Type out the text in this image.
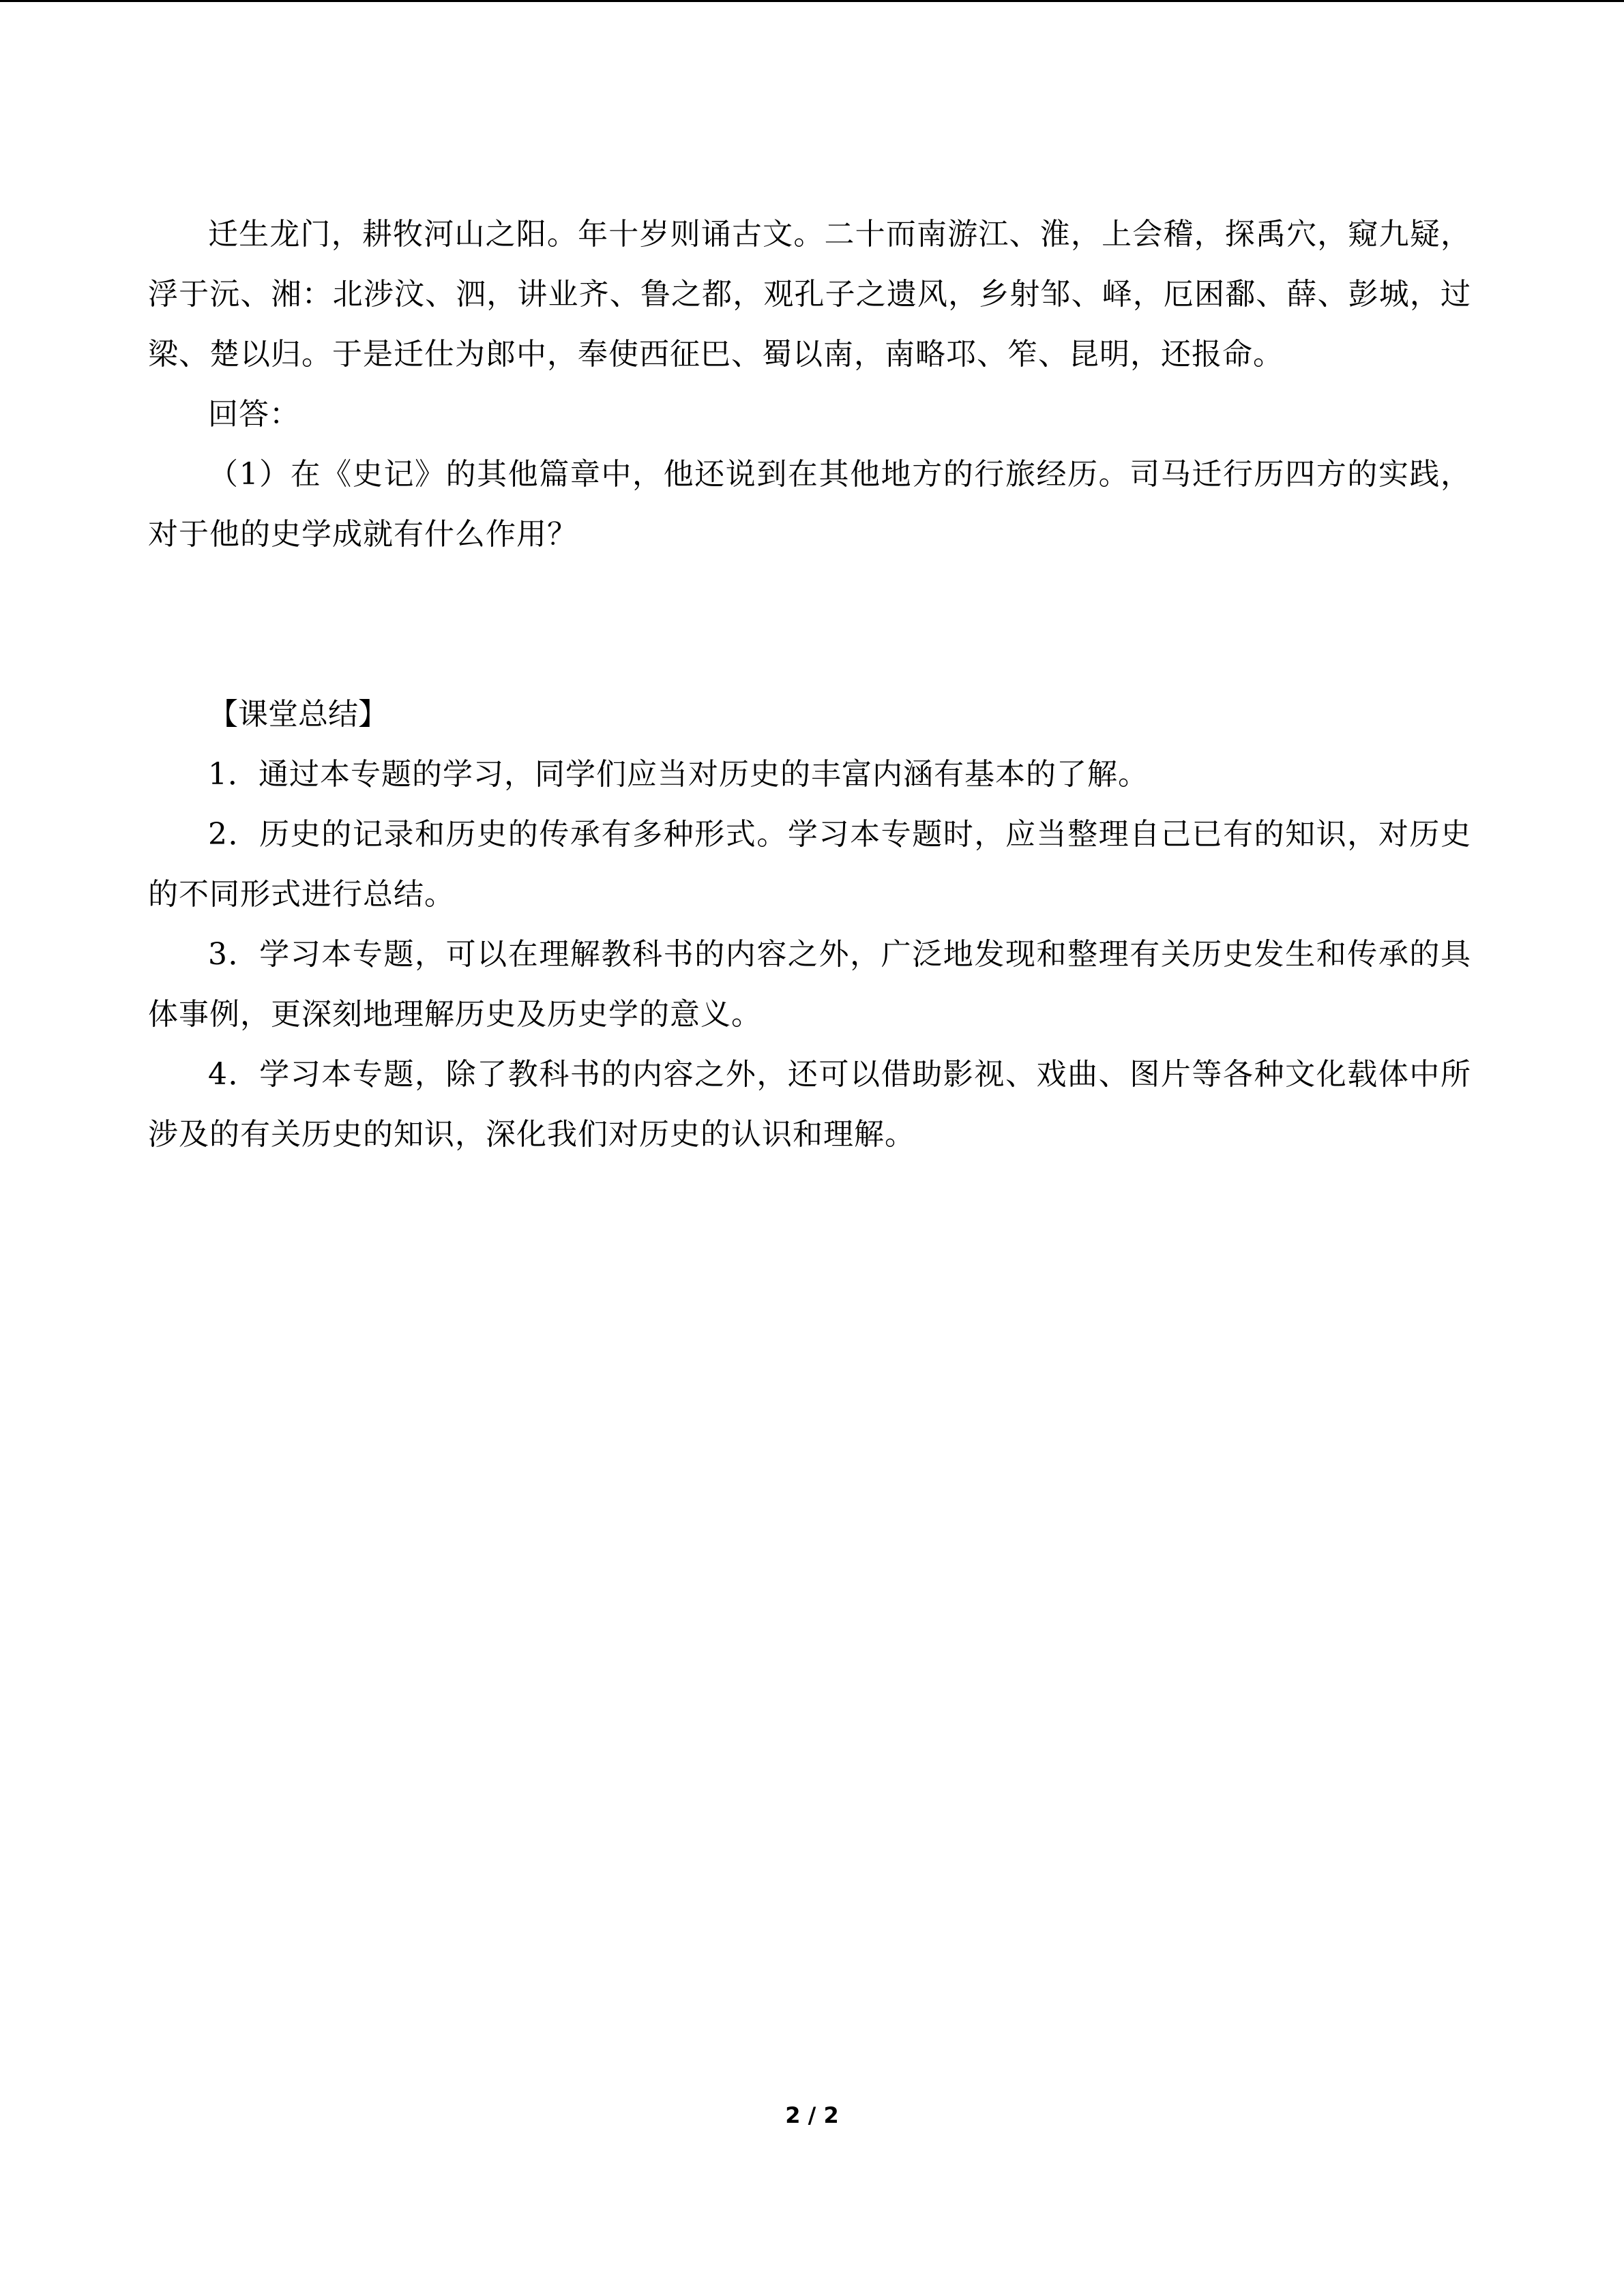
迁生龙门，耕牧河山之阳。年十岁则诵古文。二十而南游江、淮，上会稽，探禹穴，窥九疑，浮于沅、湘：北涉汶、泗，讲业齐、鲁之都，观孔子之遗风，乡射邹、峄，厄困鄱、薛、彭城，过梁、楚以归。于是迁仕为郎中，奉使西征巴、蜀以南，南略邛、笮、昆明，还报命。

回答：

（1）在《史记》的其他篇章中，他还说到在其他地方的行旅经历。司马迁行历四方的实践，对于他的史学成就有什么作用？

【课堂总结】

1．通过本专题的学习，同学们应当对历史的丰富内涵有基本的了解。

2．历史的记录和历史的传承有多种形式。学习本专题时，应当整理自己已有的知识，对历史的不同形式进行总结。

3．学习本专题，可以在理解教科书的内容之外，广泛地发现和整理有关历史发生和传承的具体事例，更深刻地理解历史及历史学的意义。

4．学习本专题，除了教科书的内容之外，还可以借助影视、戏曲、图片等各种文化载体中所涉及的有关历史的知识，深化我们对历史的认识和理解。

2 / 2
